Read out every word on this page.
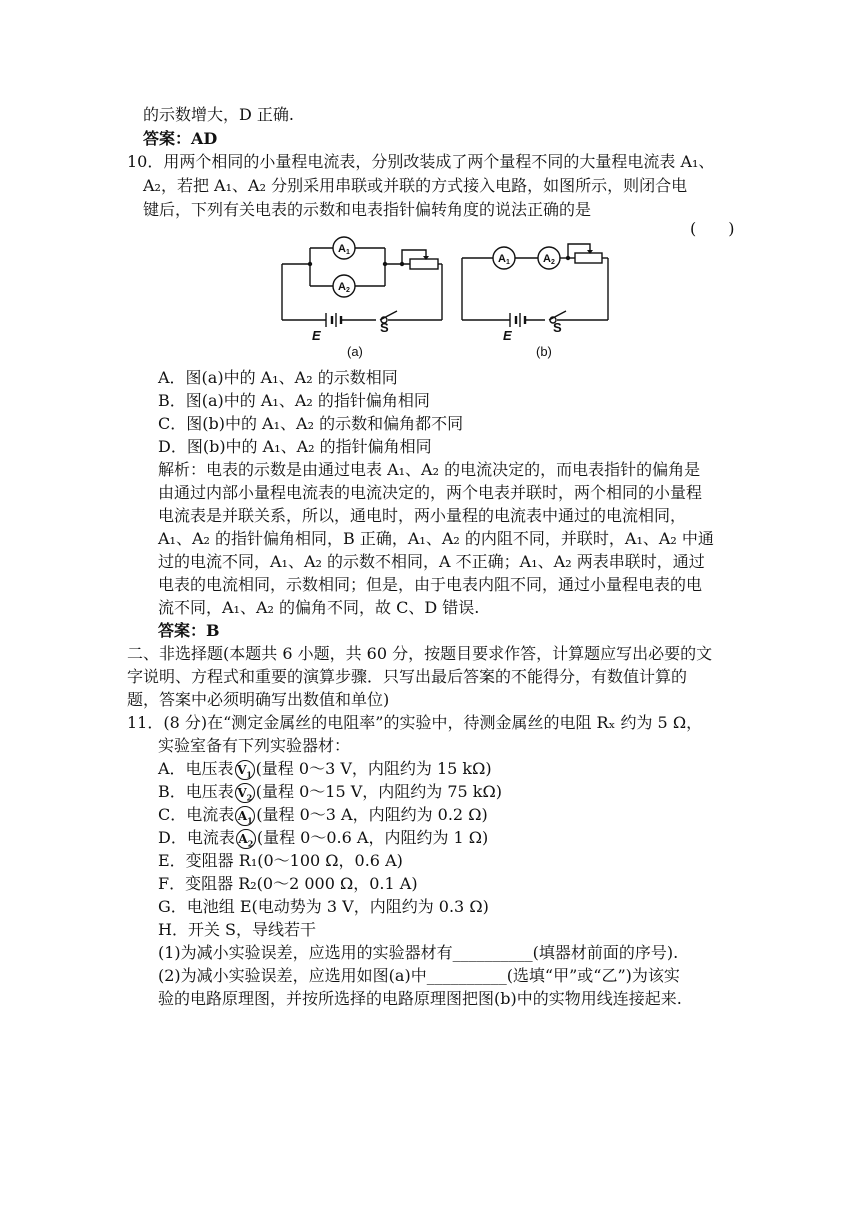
的示数增大，D 正确.
答案：AD
10．用两个相同的小量程电流表，分别改装成了两个量程不同的大量程电流表 A₁、
A₂，若把 A₁、A₂ 分别采用串联或并联的方式接入电路，如图所示，则闭合电
键后，下列有关电表的示数和电表指针偏转角度的说法正确的是
(　　)
A1
A2
A1	A2
E
S
(a)
E
S
(b)
A．图(a)中的 A₁、A₂ 的示数相同
B．图(a)中的 A₁、A₂ 的指针偏角相同
C．图(b)中的 A₁、A₂ 的示数和偏角都不同
D．图(b)中的 A₁、A₂ 的指针偏角相同
解析：电表的示数是由通过电表 A₁、A₂ 的电流决定的，而电表指针的偏角是
由通过内部小量程电流表的电流决定的，两个电表并联时，两个相同的小量程
电流表是并联关系，所以，通电时，两小量程的电流表中通过的电流相同，
A₁、A₂ 的指针偏角相同，B 正确，A₁、A₂ 的内阻不同，并联时，A₁、A₂ 中通
过的电流不同，A₁、A₂ 的示数不相同，A 不正确；A₁、A₂ 两表串联时，通过
电表的电流相同，示数相同；但是，由于电表内阻不同，通过小量程电表的电
流不同，A₁、A₂ 的偏角不同，故 C、D 错误.
答案：B
二、非选择题(本题共 6 小题，共 60 分，按题目要求作答，计算题应写出必要的文
字说明、方程式和重要的演算步骤．只写出最后答案的不能得分，有数值计算的
题，答案中必须明确写出数值和单位)
11．(8 分)在“测定金属丝的电阻率”的实验中，待测金属丝的电阻 Rₓ 约为 5 Ω，
实验室备有下列实验器材：
A．电压表 $V_1$ (量程 0～3 V，内阻约为 15 kΩ)
B．电压表 $V_2$ (量程 0～15 V，内阻约为 75 kΩ)
C．电流表 $A_1$ (量程 0～3 A，内阻约为 0.2 Ω)
D．电流表 $A_2$ (量程 0～0.6 A，内阻约为 1 Ω)
E．变阻器 R₁(0～100 Ω，0.6 A)
F．变阻器 R₂(0～2 000 Ω，0.1 A)
G．电池组 E(电动势为 3 V，内阻约为 0.3 Ω)
H．开关 S，导线若干
(1)为减小实验误差，应选用的实验器材有__________(填器材前面的序号).
(2)为减小实验误差，应选用如图(a)中__________(选填“甲”或“乙”)为该实
验的电路原理图，并按所选择的电路原理图把图(b)中的实物用线连接起来.
